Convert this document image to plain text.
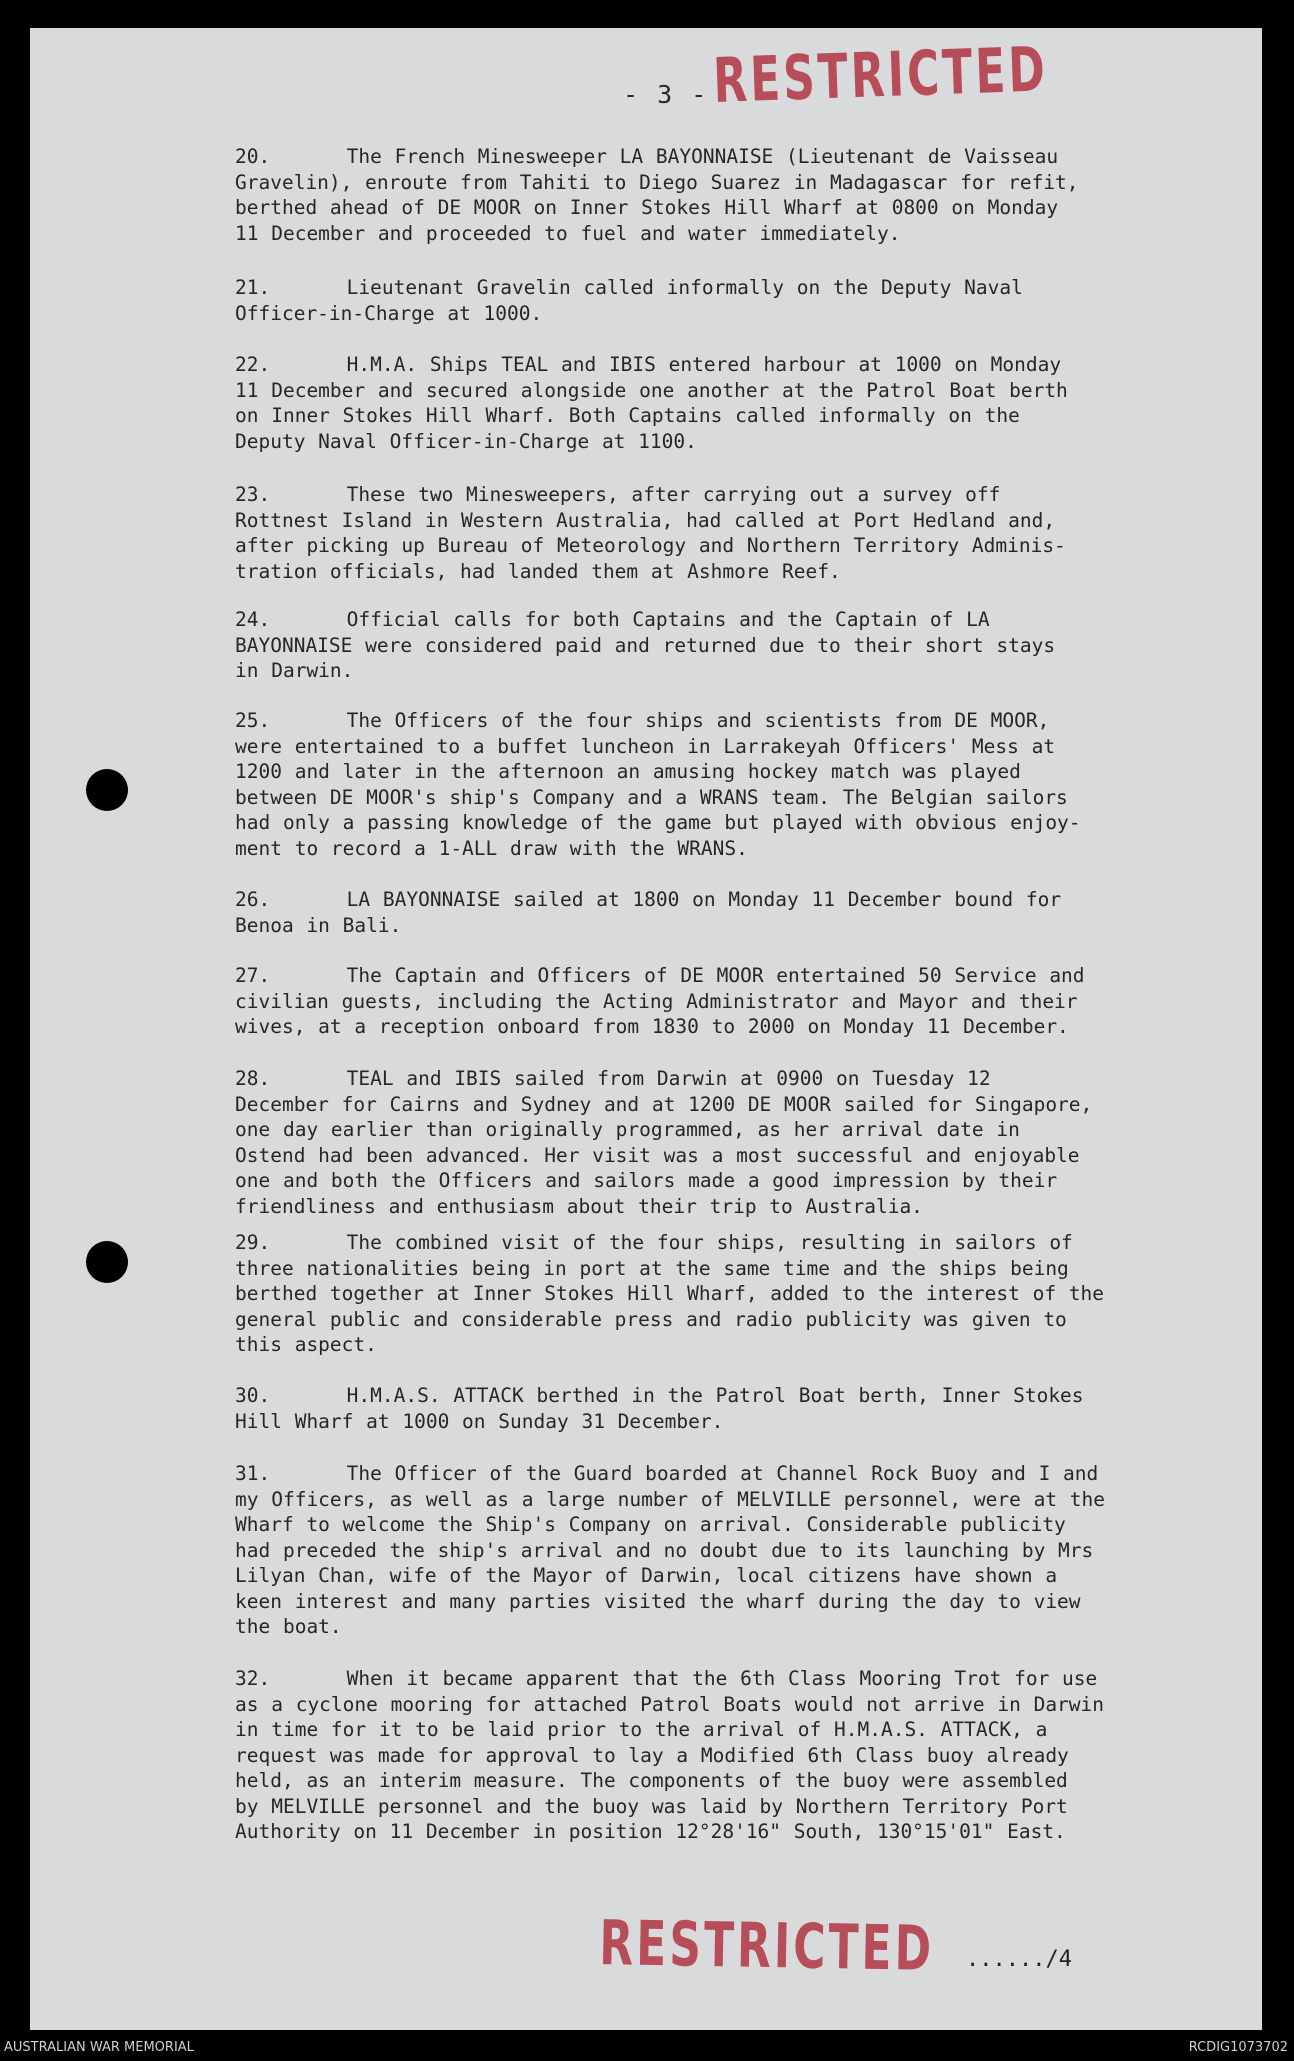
- 3 - RESTRICTED
20.      The French Minesweeper LA BAYONNAISE (Lieutenant de Vaisseau
Gravelin), enroute from Tahiti to Diego Suarez in Madagascar for refit,
berthed ahead of DE MOOR on Inner Stokes Hill Wharf at 0800 on Monday
11 December and proceeded to fuel and water immediately.
21.      Lieutenant Gravelin called informally on the Deputy Naval
Officer-in-Charge at 1000.
22.      H.M.A. Ships TEAL and IBIS entered harbour at 1000 on Monday
11 December and secured alongside one another at the Patrol Boat berth
on Inner Stokes Hill Wharf. Both Captains called informally on the
Deputy Naval Officer-in-Charge at 1100.
23.      These two Minesweepers, after carrying out a survey off
Rottnest Island in Western Australia, had called at Port Hedland and,
after picking up Bureau of Meteorology and Northern Territory Adminis-
tration officials, had landed them at Ashmore Reef.
24.      Official calls for both Captains and the Captain of LA
BAYONNAISE were considered paid and returned due to their short stays
in Darwin.
25.      The Officers of the four ships and scientists from DE MOOR,
were entertained to a buffet luncheon in Larrakeyah Officers' Mess at
1200 and later in the afternoon an amusing hockey match was played
between DE MOOR's ship's Company and a WRANS team. The Belgian sailors
had only a passing knowledge of the game but played with obvious enjoy-
ment to record a 1-ALL draw with the WRANS.
26.      LA BAYONNAISE sailed at 1800 on Monday 11 December bound for
Benoa in Bali.
27.      The Captain and Officers of DE MOOR entertained 50 Service and
civilian guests, including the Acting Administrator and Mayor and their
wives, at a reception onboard from 1830 to 2000 on Monday 11 December.
28.      TEAL and IBIS sailed from Darwin at 0900 on Tuesday 12
December for Cairns and Sydney and at 1200 DE MOOR sailed for Singapore,
one day earlier than originally programmed, as her arrival date in
Ostend had been advanced. Her visit was a most successful and enjoyable
one and both the Officers and sailors made a good impression by their
friendliness and enthusiasm about their trip to Australia.
29.      The combined visit of the four ships, resulting in sailors of
three nationalities being in port at the same time and the ships being
berthed together at Inner Stokes Hill Wharf, added to the interest of the
general public and considerable press and radio publicity was given to
this aspect.
30.      H.M.A.S. ATTACK berthed in the Patrol Boat berth, Inner Stokes
Hill Wharf at 1000 on Sunday 31 December.
31.      The Officer of the Guard boarded at Channel Rock Buoy and I and
my Officers, as well as a large number of MELVILLE personnel, were at the
Wharf to welcome the Ship's Company on arrival. Considerable publicity
had preceded the ship's arrival and no doubt due to its launching by Mrs
Lilyan Chan, wife of the Mayor of Darwin, local citizens have shown a
keen interest and many parties visited the wharf during the day to view
the boat.
32.      When it became apparent that the 6th Class Mooring Trot for use
as a cyclone mooring for attached Patrol Boats would not arrive in Darwin
in time for it to be laid prior to the arrival of H.M.A.S. ATTACK, a
request was made for approval to lay a Modified 6th Class buoy already
held, as an interim measure. The components of the buoy were assembled
by MELVILLE personnel and the buoy was laid by Northern Territory Port
Authority on 11 December in position 12°28'16" South, 130°15'01" East.
RESTRICTED ....../4
AUSTRALIAN WAR MEMORIAL	RCDIG1073702
